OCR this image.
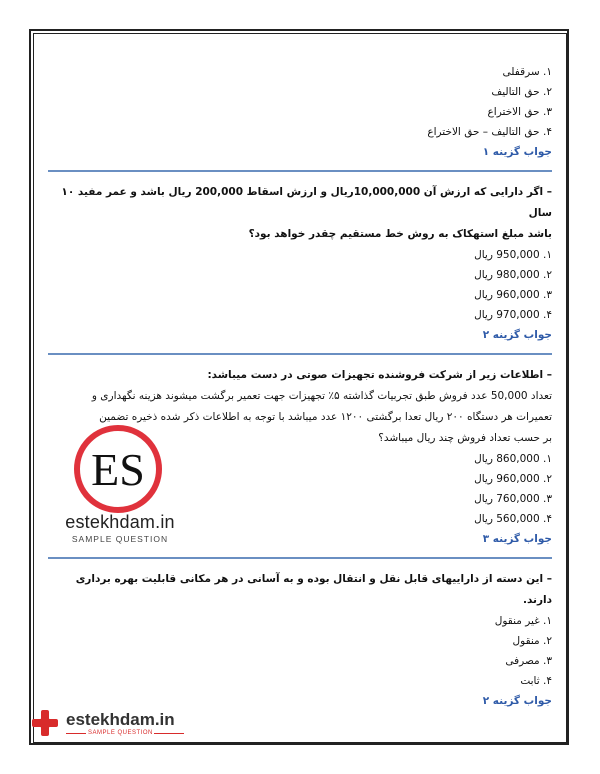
۱. سرقفلی
۲. حق التالیف
۳. حق الاختراع
۴. حق التالیف – حق الاختراع
جواب گزینه ۱
– اگر دارایی که ارزش آن 10,000,000ریال و ارزش اسقاط 200,000 ریال باشد و عمر مفید ۱۰ سال
باشد مبلغ استهکاک به روش خط مستقیم چقدر خواهد بود؟
۱. 950,000 ریال
۲. 980,000 ریال
۳. 960,000 ریال
۴. 970,000 ریال
جواب گزینه ۲
– اطلاعات زیر از شرکت فروشنده تجهیزات صوتی در دست میباشد:
تعداد 50,000 عدد فروش طبق تجربیات گذاشته ۵٪ تجهیزات جهت تعمیر برگشت میشوند هزینه نگهداری و
تعمیرات هر دستگاه ۲۰۰ ریال تعدا برگشتی ۱۲۰۰ عدد میباشد با توجه به اطلاعات ذکر شده ذخیره تضمین
بر حسب تعداد فروش چند ریال میباشد؟
۱. 860,000 ریال
۲. 960,000 ریال
۳. 760,000 ریال
۴. 560,000 ریال
جواب گزینه ۳
– این دسته از داراییهای قابل نقل و انتقال بوده و به آسانی در هر مکانی قابلیت بهره برداری دارند.
۱. غیر منقول
۲. منقول
۳. مصرفی
۴. ثابت
جواب گزینه ۲
ES
estekhdam.in
SAMPLE QUESTION
estekhdam.in
SAMPLE QUESTION
